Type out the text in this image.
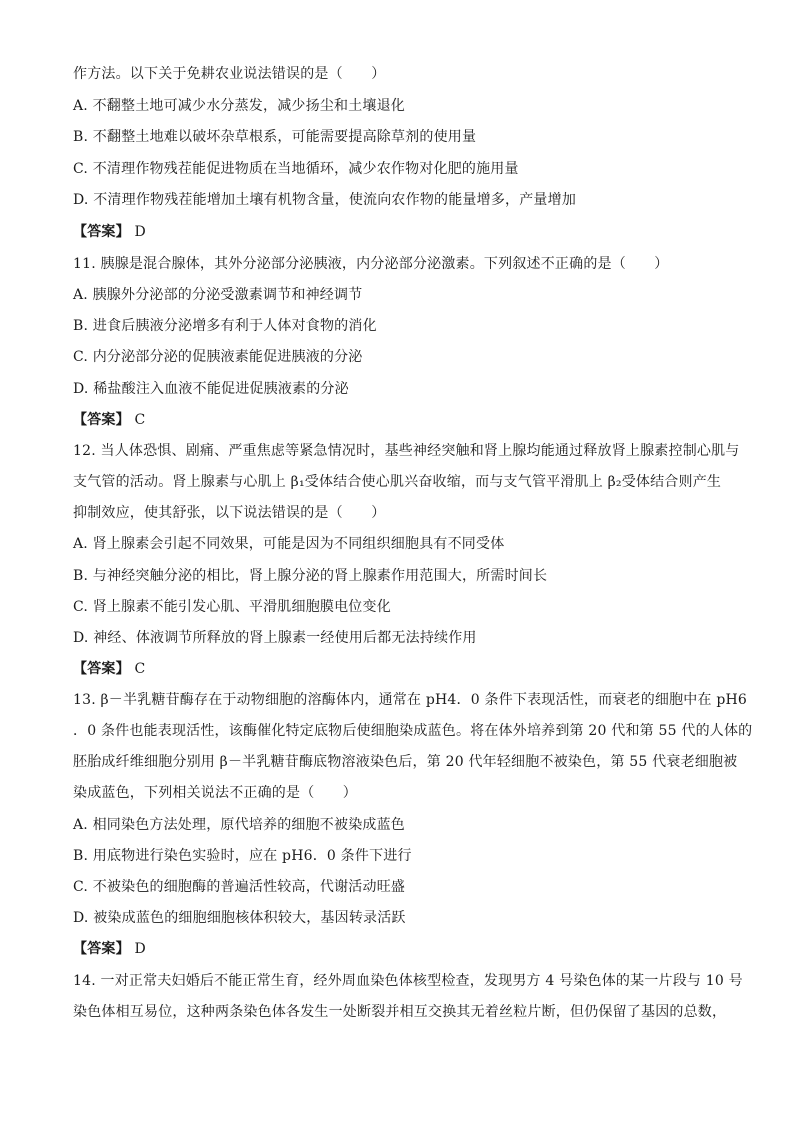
作方法。以下关于免耕农业说法错误的是（　　）
A. 不翻整土地可减少水分蒸发，减少扬尘和土壤退化
B. 不翻整土地难以破坏杂草根系，可能需要提高除草剂的使用量
C. 不清理作物残茬能促进物质在当地循环，减少农作物对化肥的施用量
D. 不清理作物残茬能增加土壤有机物含量，使流向农作物的能量增多，产量增加
【答案】 D
11. 胰腺是混合腺体，其外分泌部分泌胰液，内分泌部分泌激素。下列叙述不正确的是（　　）
A. 胰腺外分泌部的分泌受激素调节和神经调节
B. 进食后胰液分泌增多有利于人体对食物的消化
C. 内分泌部分泌的促胰液素能促进胰液的分泌
D. 稀盐酸注入血液不能促进促胰液素的分泌
【答案】 C
12. 当人体恐惧、剧痛、严重焦虑等紧急情况时，基些神经突触和肾上腺均能通过释放肾上腺素控制心肌与
支气管的活动。肾上腺素与心肌上 β₁受体结合使心肌兴奋收缩，而与支气管平滑肌上 β₂受体结合则产生
抑制效应，使其舒张，以下说法错误的是（　　）
A. 肾上腺素会引起不同效果，可能是因为不同组织细胞具有不同受体
B. 与神经突触分泌的相比，肾上腺分泌的肾上腺素作用范围大，所需时间长
C. 肾上腺素不能引发心肌、平滑肌细胞膜电位变化
D. 神经、体液调节所释放的肾上腺素一经使用后都无法持续作用
【答案】 C
13. β－半乳糖苷酶存在于动物细胞的溶酶体内，通常在 pH4．0 条件下表现活性，而衰老的细胞中在 pH6
．0 条件也能表现活性，该酶催化特定底物后使细胞染成蓝色。将在体外培养到第 20 代和第 55 代的人体的
胚胎成纤维细胞分别用 β－半乳糖苷酶底物溶液染色后，第 20 代年轻细胞不被染色，第 55 代衰老细胞被
染成蓝色，下列相关说法不正确的是（　　）
A. 相同染色方法处理，原代培养的细胞不被染成蓝色
B. 用底物进行染色实验时，应在 pH6．0 条件下进行
C. 不被染色的细胞酶的普遍活性较高，代谢活动旺盛
D. 被染成蓝色的细胞细胞核体积较大，基因转录活跃
【答案】 D
14. 一对正常夫妇婚后不能正常生育，经外周血染色体核型检查，发现男方 4 号染色体的某一片段与 10 号
染色体相互易位，这种两条染色体各发生一处断裂并相互交换其无着丝粒片断，但仍保留了基因的总数，
